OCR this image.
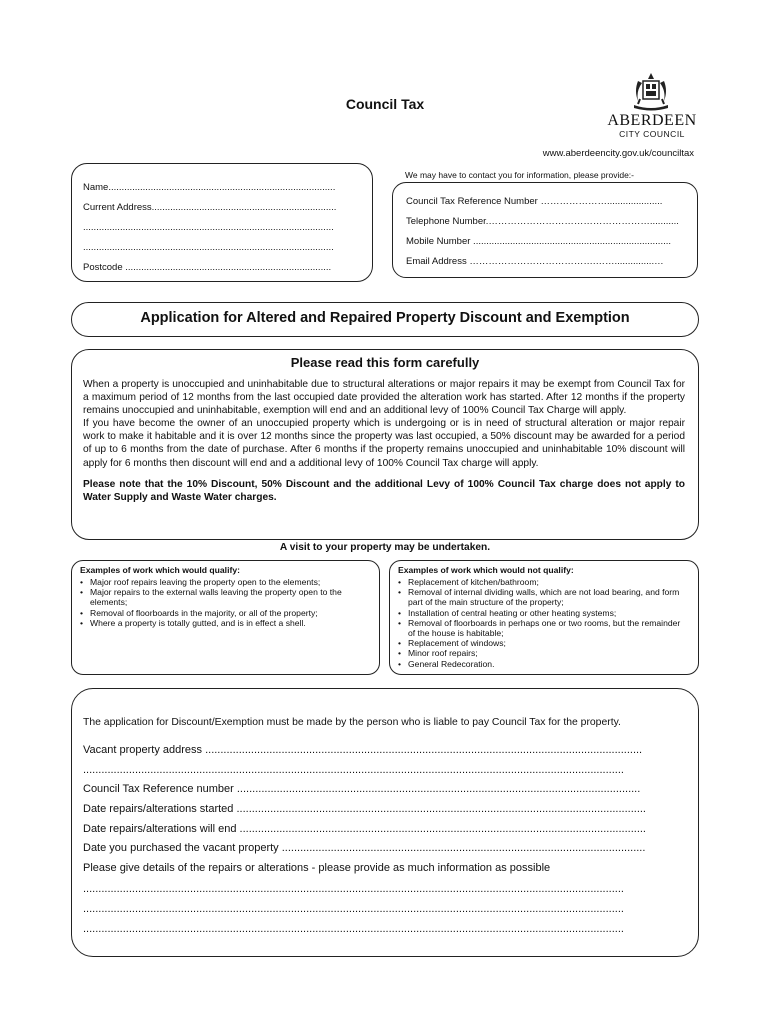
Council Tax
ABERDEEN
CITY COUNCIL
www.aberdeencity.gov.uk/counciltax
Name......................................................................................
Current Address......................................................................
...............................................................................................
...............................................................................................
Postcode ..............................................................................
We may have to contact you for information, please provide:-
Council Tax Reference Number ………………….....................
Telephone Number.……………………………………………...........
Mobile Number ...........................................................................
Email Address ………………………………….……...............…
Application for Altered and Repaired Property Discount and Exemption
Please read this form carefully
When a property is unoccupied and uninhabitable due to structural alterations or major repairs it may be exempt from Council Tax for a maximum period of 12 months from the last occupied date provided the alteration work has started. After 12 months if the property remains unoccupied and uninhabitable, exemption will end and an additional levy of 100% Council Tax Charge will apply.
If you have become the owner of an unoccupied property which is undergoing or is in need of structural alteration or major repair work to make it habitable and it is over 12 months since the property was last occupied, a 50% discount may be awarded for a period of up to 6 months from the date of purchase. After 6 months if the property remains unoccupied and uninhabitable 10% discount will apply for 6 months then discount will end and a additional levy of 100% Council Tax charge will apply.
Please note that the 10% Discount, 50% Discount and the additional Levy of 100% Council Tax charge does not apply to Water Supply and Waste Water charges.
A visit to your property may be undertaken.
Examples of work which would qualify:
• Major roof repairs leaving the property open to the elements;
• Major repairs to the external walls leaving the property open to the elements;
• Removal of floorboards in the majority, or all of the property;
• Where a property is totally gutted, and is in effect a shell.
Examples of work which would not qualify:
• Replacement of kitchen/bathroom;
• Removal of internal dividing walls, which are not load bearing, and form part of the main structure of the property;
• Installation of central heating or other heating systems;
• Removal of floorboards in perhaps one or two rooms, but the remainder of the house is habitable;
• Replacement of windows;
• Minor roof repairs;
• General Redecoration.
The application for Discount/Exemption must be made by the person who is liable to pay Council Tax for the property.
Vacant property address ...............................................................................................................................................
.................................................................................................................................................................................
Council Tax Reference number ....................................................................................................................................
Date repairs/alterations started ......................................................................................................................................
Date repairs/alterations will end .....................................................................................................................................
Date you purchased the vacant property .......................................................................................................................
Please give details of the repairs or alterations - please provide as much information as possible
.................................................................................................................................................................................
.................................................................................................................................................................................
.................................................................................................................................................................................
